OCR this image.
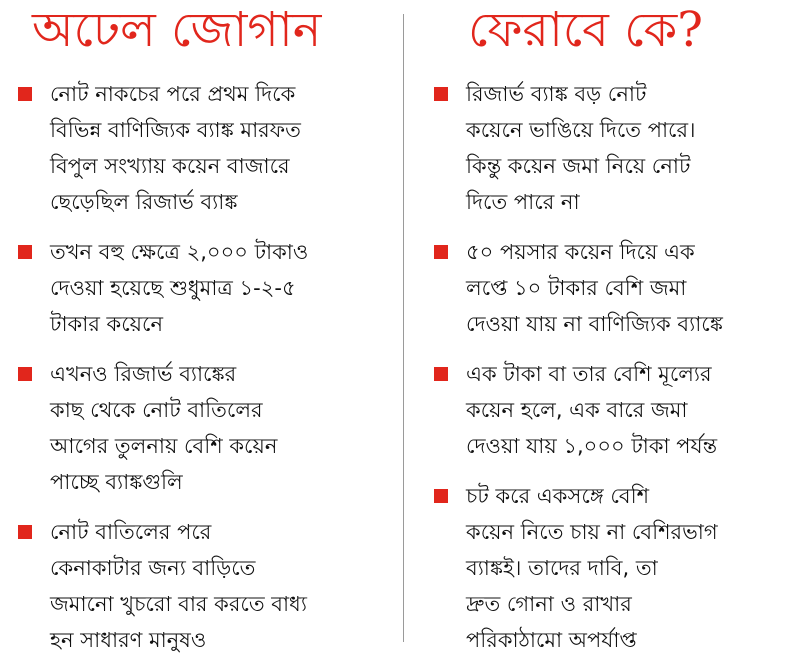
অঢেল জোগান
নোট নাকচের পরে প্রথম দিকে
বিভিন্ন বাণিজ্যিক ব্যাঙ্ক মারফত
বিপুল সংখ্যায় কয়েন বাজারে
ছেড়েছিল রিজার্ভ ব্যাঙ্ক
তখন বহু ক্ষেত্রে ২,০০০ টাকাও
দেওয়া হয়েছে শুধুমাত্র ১-২-৫
টাকার কয়েনে
এখনও রিজার্ভ ব্যাঙ্কের
কাছ থেকে নোট বাতিলের
আগের তুলনায় বেশি কয়েন
পাচ্ছে ব্যাঙ্কগুলি
নোট বাতিলের পরে
কেনাকাটার জন্য বাড়িতে
জমানো খুচরো বার করতে বাধ্য
হন সাধারণ মানুষও
ফেরাবে কে?
রিজার্ভ ব্যাঙ্ক বড় নোট
কয়েনে ভাঙিয়ে দিতে পারে।
কিন্তু কয়েন জমা নিয়ে নোট
দিতে পারে না
৫০ পয়সার কয়েন দিয়ে এক
লপ্তে ১০ টাকার বেশি জমা
দেওয়া যায় না বাণিজ্যিক ব্যাঙ্কে
এক টাকা বা তার বেশি মূল্যের
কয়েন হলে, এক বারে জমা
দেওয়া যায় ১,০০০ টাকা পর্যন্ত
চট করে একসঙ্গে বেশি
কয়েন নিতে চায় না বেশিরভাগ
ব্যাঙ্কই। তাদের দাবি, তা
দ্রুত গোনা ও রাখার
পরিকাঠামো অপর্যাপ্ত
